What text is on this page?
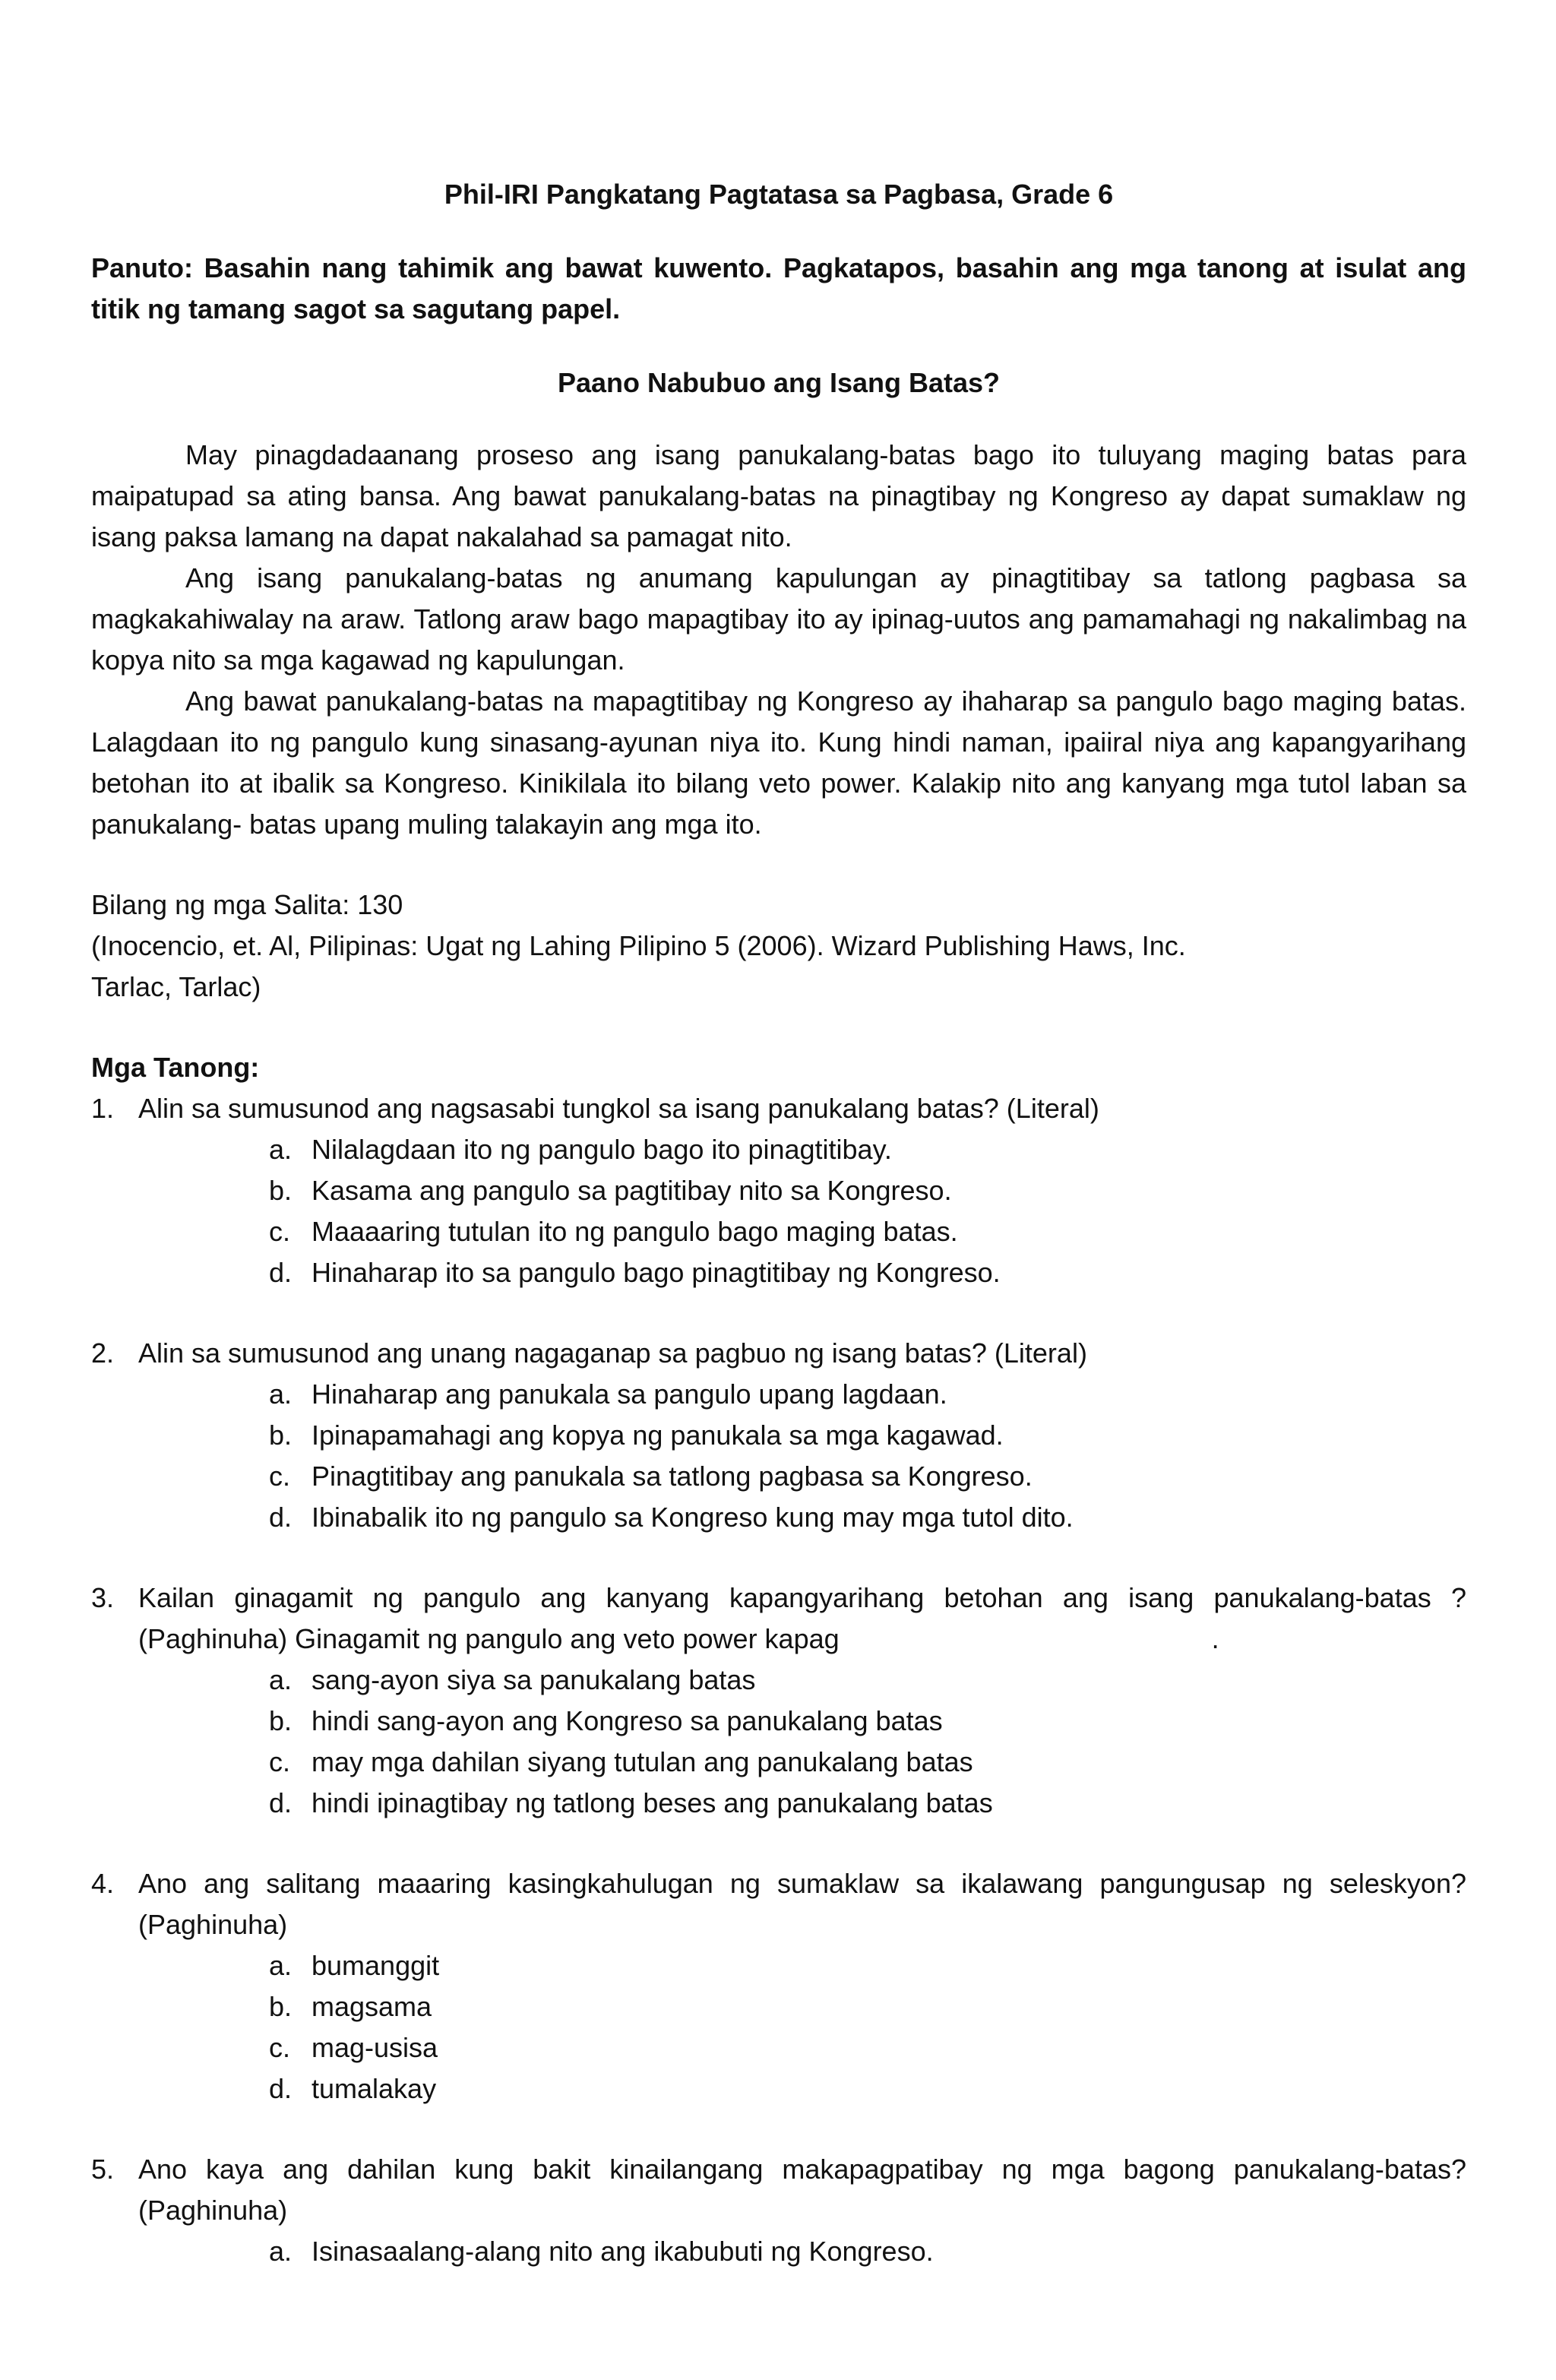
Phil-IRI Pangkatang Pagtatasa sa Pagbasa, Grade 6
Panuto: Basahin nang tahimik ang bawat kuwento. Pagkatapos, basahin ang mga tanong at isulat ang titik ng tamang sagot sa sagutang papel.
Paano Nabubuo ang Isang Batas?

May pinagdadaanang proseso ang isang panukalang-batas bago ito tuluyang maging batas para maipatupad sa ating bansa. Ang bawat panukalang-batas na pinagtibay ng Kongreso ay dapat sumaklaw ng isang paksa lamang na dapat nakalahad sa pamagat nito.

Ang isang panukalang-batas ng anumang kapulungan ay pinagtitibay sa tatlong pagbasa sa magkakahiwalay na araw. Tatlong araw bago mapagtibay ito ay ipinag-uutos ang pamamahagi ng nakalimbag na kopya nito sa mga kagawad ng kapulungan.

Ang bawat panukalang-batas na mapagtitibay ng Kongreso ay ihaharap sa pangulo bago maging batas. Lalagdaan ito ng pangulo kung sinasang-ayunan niya ito. Kung hindi naman, ipaiiral niya ang kapangyarihang betohan ito at ibalik sa Kongreso. Kinikilala ito bilang veto power. Kalakip nito ang kanyang mga tutol laban sa panukalang- batas upang muling talakayin ang mga ito.

Bilang ng mga Salita: 130
(Inocencio, et. Al, Pilipinas: Ugat ng Lahing Pilipino 5 (2006). Wizard Publishing Haws, Inc. Tarlac, Tarlac)
Mga Tanong:
1. Alin sa sumusunod ang nagsasabi tungkol sa isang panukalang batas? (Literal)
a. Nilalagdaan ito ng pangulo bago ito pinagtitibay.
b. Kasama ang pangulo sa pagtitibay nito sa Kongreso.
c. Maaaaring tutulan ito ng pangulo bago maging batas.
d. Hinaharap ito sa pangulo bago pinagtitibay ng Kongreso.
2. Alin sa sumusunod ang unang nagaganap sa pagbuo ng isang batas? (Literal)
a. Hinaharap ang panukala sa pangulo upang lagdaan.
b. Ipinapamahagi ang kopya ng panukala sa mga kagawad.
c. Pinagtitibay ang panukala sa tatlong pagbasa sa Kongreso.
d. Ibinabalik ito ng pangulo sa Kongreso kung may mga tutol dito.
3. Kailan ginagamit ng pangulo ang kanyang kapangyarihang betohan ang isang panukalang-batas ? (Paghinuha) Ginagamit ng pangulo ang veto power kapag	.
a. sang-ayon siya sa panukalang batas
b. hindi sang-ayon ang Kongreso sa panukalang batas
c. may mga dahilan siyang tutulan ang panukalang batas
d. hindi ipinagtibay ng tatlong beses ang panukalang batas
4. Ano ang salitang maaaring kasingkahulugan ng sumaklaw sa ikalawang pangungusap ng seleskyon? (Paghinuha)
a. bumanggit
b. magsama
c. mag-usisa
d. tumalakay
5. Ano kaya ang dahilan kung bakit kinailangang makapagpatibay ng mga bagong panukalang-batas? (Paghinuha)
a. Isinasaalang-alang nito ang ikabubuti ng Kongreso.
